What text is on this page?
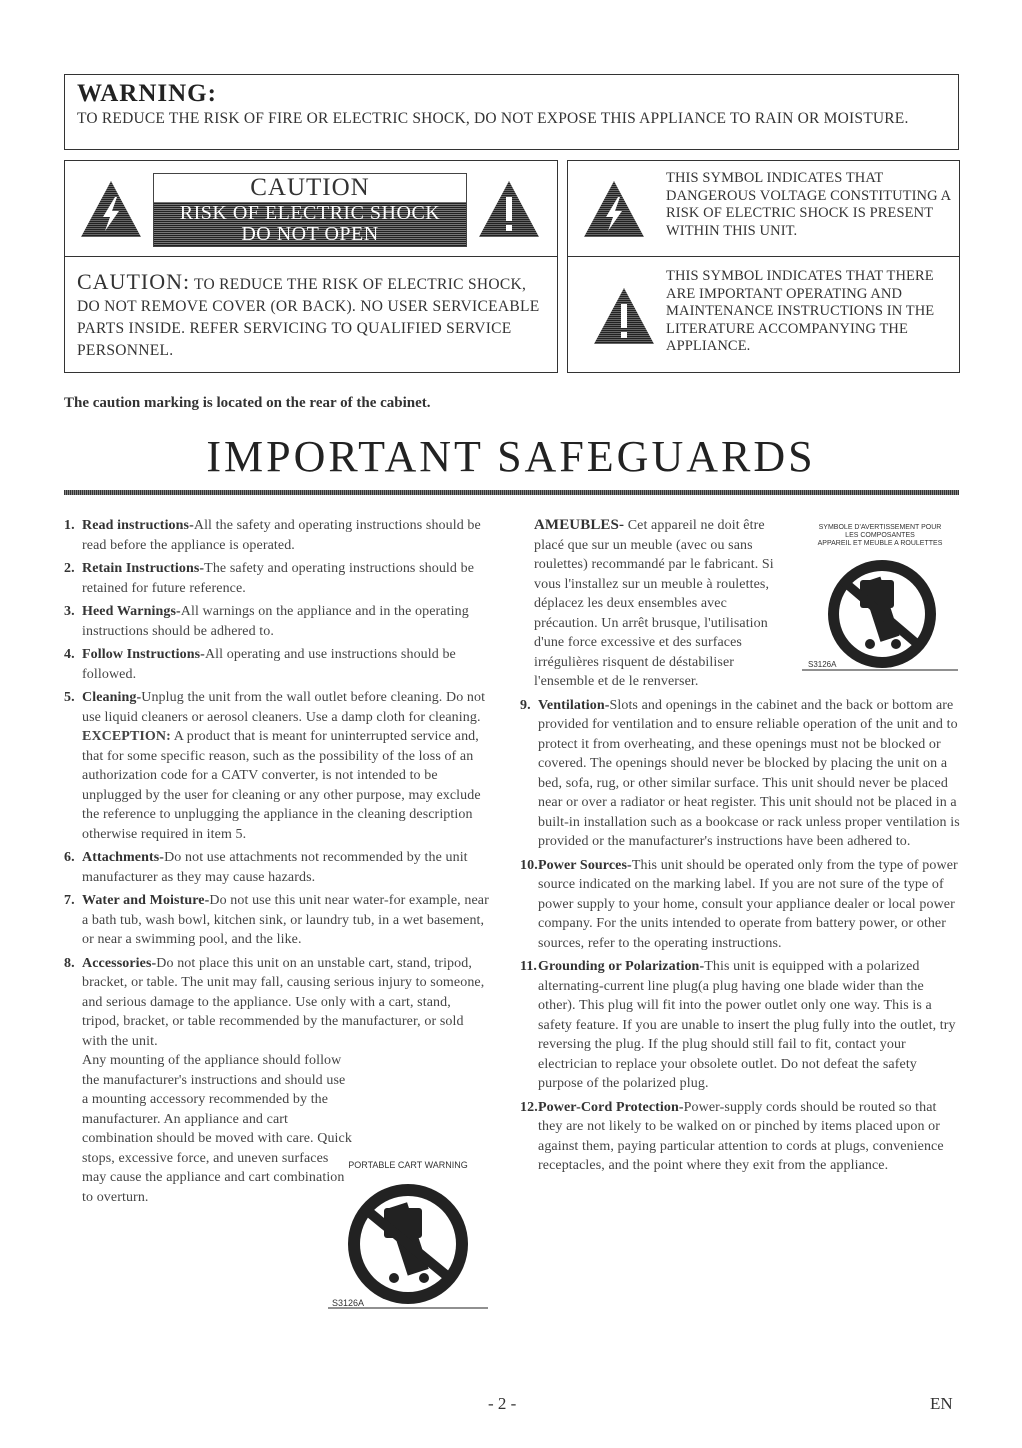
WARNING:
TO REDUCE THE RISK OF FIRE OR ELECTRIC SHOCK, DO NOT EXPOSE THIS APPLIANCE TO RAIN OR MOISTURE.
CAUTION
RISK OF ELECTRIC SHOCK
DO NOT OPEN
CAUTION: TO REDUCE THE RISK OF ELECTRIC SHOCK, DO NOT REMOVE COVER (OR BACK). NO USER SERVICEABLE PARTS INSIDE. REFER SERVICING TO QUALIFIED SERVICE PERSONNEL.
THIS SYMBOL INDICATES THAT DANGEROUS VOLTAGE CONSTITUTING A RISK OF ELECTRIC SHOCK IS PRESENT WITHIN THIS UNIT.
THIS SYMBOL INDICATES THAT THERE ARE IMPORTANT OPERATING AND MAINTENANCE INSTRUCTIONS IN THE LITERATURE ACCOMPANYING THE APPLIANCE.
The caution marking is located on the rear of the cabinet.
IMPORTANT SAFEGUARDS
1. Read instructions-All the safety and operating instructions should be read before the appliance is operated.
2. Retain Instructions-The safety and operating instructions should be retained for future reference.
3. Heed Warnings-All warnings on the appliance and in the operating instructions should be adhered to.
4. Follow Instructions-All operating and use instructions should be followed.
5. Cleaning-Unplug the unit from the wall outlet before cleaning. Do not use liquid cleaners or aerosol cleaners. Use a damp cloth for cleaning.
EXCEPTION: A product that is meant for uninterrupted service and, that for some specific reason, such as the possibility of the loss of an authorization code for a CATV converter, is not intended to be unplugged by the user for cleaning or any other purpose, may exclude the reference to unplugging the appliance in the cleaning description otherwise required in item 5.
6. Attachments-Do not use attachments not recommended by the unit manufacturer as they may cause hazards.
7. Water and Moisture-Do not use this unit near water-for example, near a bath tub, wash bowl, kitchen sink, or laundry tub, in a wet basement, or near a swimming pool, and the like.
8. Accessories-Do not place this unit on an unstable cart, stand, tripod, bracket, or table. The unit may fall, causing serious injury to someone, and serious damage to the appliance. Use only with a cart, stand, tripod, bracket, or table recommended by the manufacturer, or sold with the unit.
Any mounting of the appliance should follow the manufacturer's instructions and should use a mounting accessory recommended by the manufacturer. An appliance and cart combination should be moved with care. Quick stops, excessive force, and uneven surfaces may cause the appliance and cart combination to overturn.
PORTABLE CART WARNING
S3126A
AMEUBLES- Cet appareil ne doit être placé que sur un meuble (avec ou sans roulettes) recommandé par le fabricant. Si vous l'installez sur un meuble à roulettes, déplacez les deux ensembles avec précaution. Un arrêt brusque, l'utilisation d'une force excessive et des surfaces irrégulières risquent de déstabiliser l'ensemble et de le renverser.
9. Ventilation-Slots and openings in the cabinet and the back or bottom are provided for ventilation and to ensure reliable operation of the unit and to protect it from overheating, and these openings must not be blocked or covered. The openings should never be blocked by placing the unit on a bed, sofa, rug, or other similar surface. This unit should never be placed near or over a radiator or heat register. This unit should not be placed in a built-in installation such as a bookcase or rack unless proper ventilation is provided or the manufacturer's instructions have been adhered to.
10. Power Sources-This unit should be operated only from the type of power source indicated on the marking label. If you are not sure of the type of power supply to your home, consult your appliance dealer or local power company. For the units intended to operate from battery power, or other sources, refer to the operating instructions.
11. Grounding or Polarization-This unit is equipped with a polarized alternating-current line plug(a plug having one blade wider than the other). This plug will fit into the power outlet only one way. This is a safety feature. If you are unable to insert the plug fully into the outlet, try reversing the plug. If the plug should still fail to fit, contact your electrician to replace your obsolete outlet. Do not defeat the safety purpose of the polarized plug.
12. Power-Cord Protection-Power-supply cords should be routed so that they are not likely to be walked on or pinched by items placed upon or against them, paying particular attention to cords at plugs, convenience receptacles, and the point where they exit from the appliance.
SYMBOLE D'AVERTISSEMENT POUR
LES COMPOSANTES
APPAREIL ET MEUBLE A ROULETTES
S3126A
- 2 -	EN
